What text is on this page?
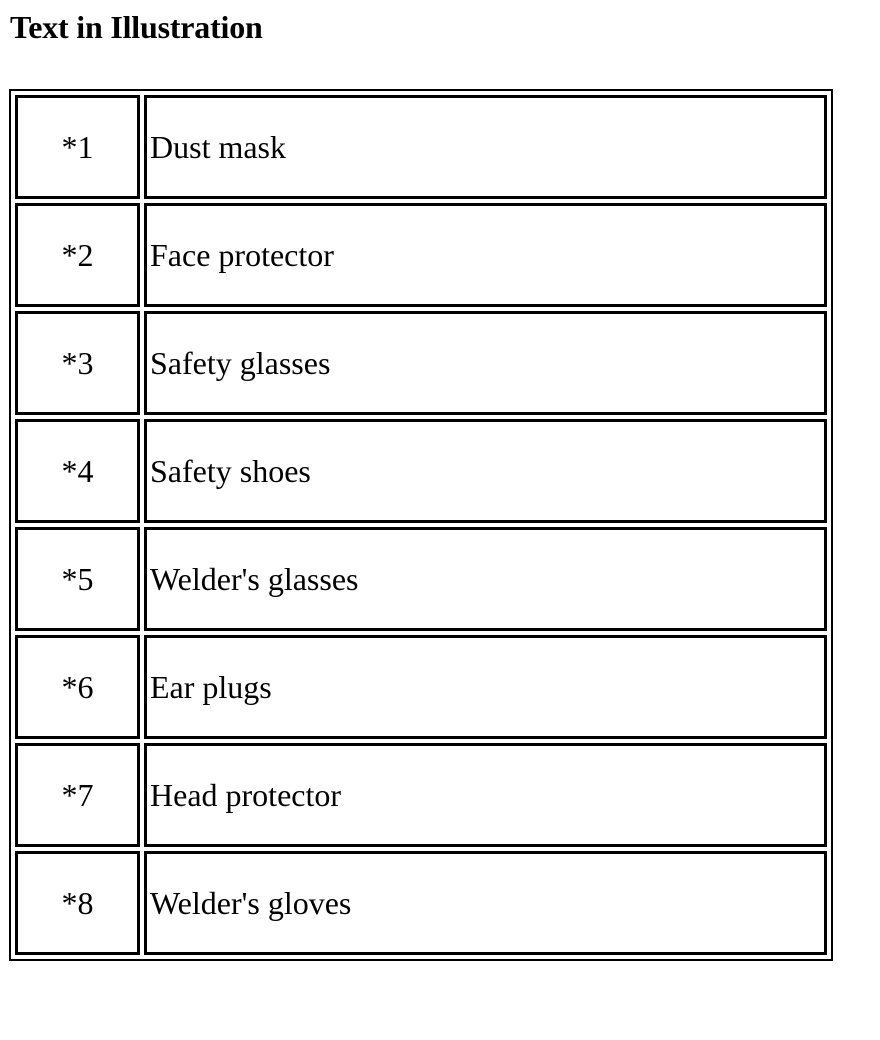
Text in Illustration
*1	Dust mask
*2	Face protector
*3	Safety glasses
*4	Safety shoes
*5	Welder's glasses
*6	Ear plugs
*7	Head protector
*8	Welder's gloves
